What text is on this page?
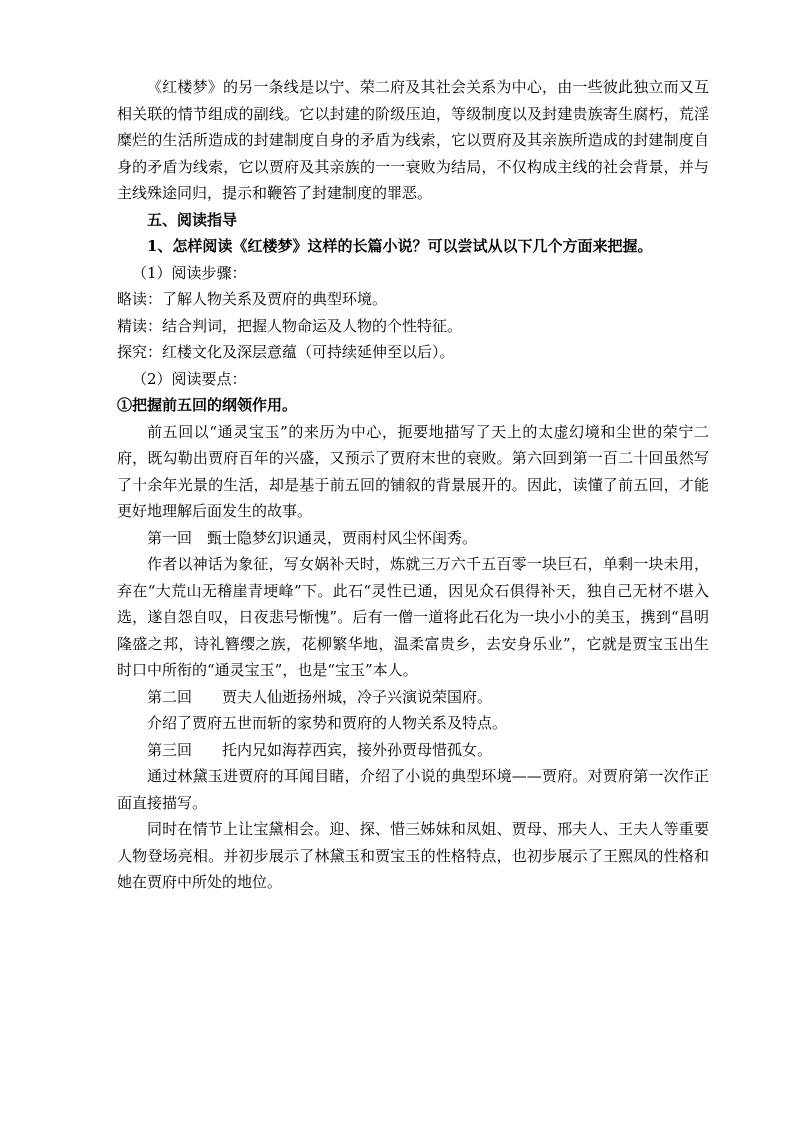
《红楼梦》的另一条线是以宁、荣二府及其社会关系为中心，由一些彼此独立而又互相关联的情节组成的副线。它以封建的阶级压迫，等级制度以及封建贵族寄生腐朽，荒淫糜烂的生活所造成的封建制度自身的矛盾为线索，它以贾府及其亲族所造成的封建制度自身的矛盾为线索，它以贾府及其亲族的一一衰败为结局，不仅构成主线的社会背景，并与主线殊途同归，提示和鞭笞了封建制度的罪恶。

五、阅读指导

1、怎样阅读《红楼梦》这样的长篇小说？可以尝试从以下几个方面来把握。

（1）阅读步骤：

略读：了解人物关系及贾府的典型环境。

精读：结合判词，把握人物命运及人物的个性特征。

探究：红楼文化及深层意蕴（可持续延伸至以后）。

（2）阅读要点：

①把握前五回的纲领作用。

前五回以“通灵宝玉”的来历为中心，扼要地描写了天上的太虚幻境和尘世的荣宁二府，既勾勒出贾府百年的兴盛，又预示了贾府末世的衰败。第六回到第一百二十回虽然写了十余年光景的生活，却是基于前五回的铺叙的背景展开的。因此，读懂了前五回，才能更好地理解后面发生的故事。

第一回　甄士隐梦幻识通灵，贾雨村风尘怀闺秀。

作者以神话为象征，写女娲补天时，炼就三万六千五百零一块巨石，单剩一块未用，弃在“大荒山无稽崖青埂峰”下。此石“灵性已通，因见众石俱得补天，独自己无材不堪入选，遂自怨自叹，日夜悲号惭愧”。后有一僧一道将此石化为一块小小的美玉，携到“昌明隆盛之邦，诗礼簪缨之族，花柳繁华地，温柔富贵乡，去安身乐业”，它就是贾宝玉出生时口中所衔的“通灵宝玉”，也是“宝玉”本人。

第二回 贾夫人仙逝扬州城，冷子兴演说荣国府。

介绍了贾府五世而斩的家势和贾府的人物关系及特点。

第三回 托内兄如海荐西宾，接外孙贾母惜孤女。

通过林黛玉进贾府的耳闻目睹，介绍了小说的典型环境——贾府。对贾府第一次作正面直接描写。

同时在情节上让宝黛相会。迎、探、惜三姊妹和凤姐、贾母、邢夫人、王夫人等重要人物登场亮相。并初步展示了林黛玉和贾宝玉的性格特点，也初步展示了王熙凤的性格和她在贾府中所处的地位。
